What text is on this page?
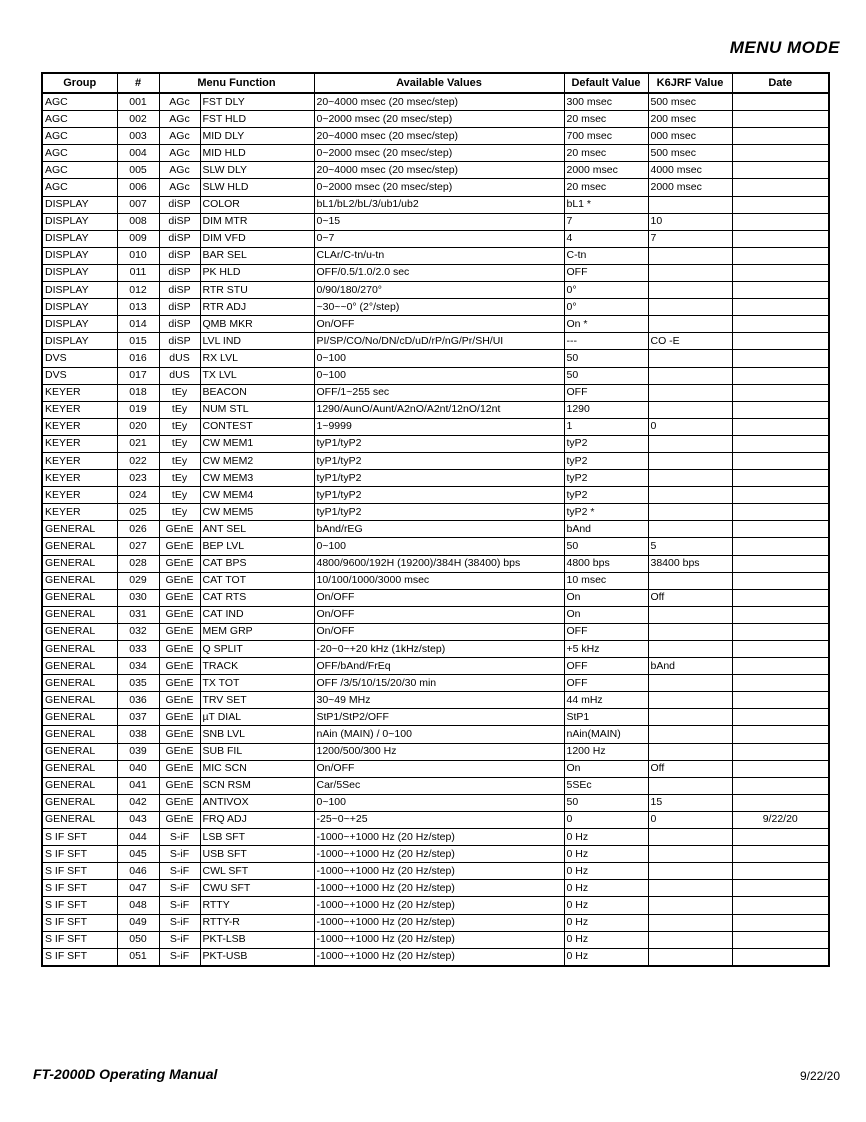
MENU MODE
Group	#	Menu Function		Available Values	Default Value	K6JRF Value	Date
AGC	001	AGc	FST DLY	20~4000 msec (20 msec/step)	300 msec	500 msec	
AGC	002	AGc	FST HLD	0~2000 msec (20 msec/step)	20 msec	200 msec	
AGC	003	AGc	MID DLY	20~4000 msec (20 msec/step)	700 msec	000 msec	
AGC	004	AGc	MID HLD	0~2000 msec (20 msec/step)	20 msec	500 msec	
AGC	005	AGc	SLW DLY	20~4000 msec (20 msec/step)	2000 msec	4000 msec	
AGC	006	AGc	SLW HLD	0~2000 msec (20 msec/step)	20 msec	2000 msec	
DISPLAY	007	diSP	COLOR	bL1/bL2/bL/3/ub1/ub2	bL1 *		
DISPLAY	008	diSP	DIM MTR	0~15	7	10	
DISPLAY	009	diSP	DIM VFD	0~7	4	7	
DISPLAY	010	diSP	BAR SEL	CLAr/C-tn/u-tn	C-tn		
DISPLAY	011	diSP	PK HLD	OFF/0.5/1.0/2.0 sec	OFF		
DISPLAY	012	diSP	RTR STU	0/90/180/270°	0°		
DISPLAY	013	diSP	RTR ADJ	~30~~0° (2°/step)	0°		
DISPLAY	014	diSP	QMB MKR	On/OFF	On *		
DISPLAY	015	diSP	LVL IND	PI/SP/CO/No/DN/cD/uD/rP/nG/Pr/SH/UI	---	CO -E	
DVS	016	dUS	RX LVL	0~100	50		
DVS	017	dUS	TX LVL	0~100	50		
KEYER	018	tEy	BEACON	OFF/1~255 sec	OFF		
KEYER	019	tEy	NUM STL	1290/AunO/Aunt/A2nO/A2nt/12nO/12nt	1290		
KEYER	020	tEy	CONTEST	1~9999	1	0	
KEYER	021	tEy	CW MEM1	tyP1/tyP2	tyP2		
KEYER	022	tEy	CW MEM2	tyP1/tyP2	tyP2		
KEYER	023	tEy	CW MEM3	tyP1/tyP2	tyP2		
KEYER	024	tEy	CW MEM4	tyP1/tyP2	tyP2		
KEYER	025	tEy	CW MEM5	tyP1/tyP2	tyP2 *		
GENERAL	026	GEnE	ANT SEL	bAnd/rEG	bAnd		
GENERAL	027	GEnE	BEP LVL	0~100	50	5	
GENERAL	028	GEnE	CAT BPS	4800/9600/192H (19200)/384H (38400) bps	4800 bps	38400 bps	
GENERAL	029	GEnE	CAT TOT	10/100/1000/3000 msec	10 msec		
GENERAL	030	GEnE	CAT RTS	On/OFF	On	Off	
GENERAL	031	GEnE	CAT IND	On/OFF	On		
GENERAL	032	GEnE	MEM GRP	On/OFF	OFF		
GENERAL	033	GEnE	Q SPLIT	-20~0~+20 kHz (1kHz/step)	+5 kHz		
GENERAL	034	GEnE	TRACK	OFF/bAnd/FrEq	OFF	bAnd	
GENERAL	035	GEnE	TX TOT	OFF /3/5/10/15/20/30 min	OFF		
GENERAL	036	GEnE	TRV SET	30~49 MHz	44 mHz		
GENERAL	037	GEnE	µT DIAL	StP1/StP2/OFF	StP1		
GENERAL	038	GEnE	SNB LVL	nAin (MAIN) / 0~100	nAin(MAIN)		
GENERAL	039	GEnE	SUB FIL	1200/500/300 Hz	1200 Hz		
GENERAL	040	GEnE	MIC SCN	On/OFF	On	Off	
GENERAL	041	GEnE	SCN RSM	Car/5Sec	5SEc		
GENERAL	042	GEnE	ANTIVOX	0~100	50	15	
GENERAL	043	GEnE	FRQ ADJ	-25~0~+25	0	0	9/22/20
S IF SFT	044	S-iF	LSB SFT	-1000~+1000 Hz (20 Hz/step)	0 Hz		
S IF SFT	045	S-iF	USB SFT	-1000~+1000 Hz (20 Hz/step)	0 Hz		
S IF SFT	046	S-iF	CWL SFT	-1000~+1000 Hz (20 Hz/step)	0 Hz		
S IF SFT	047	S-iF	CWU SFT	-1000~+1000 Hz (20 Hz/step)	0 Hz		
S IF SFT	048	S-iF	RTTY	-1000~+1000 Hz (20 Hz/step)	0 Hz		
S IF SFT	049	S-iF	RTTY-R	-1000~+1000 Hz (20 Hz/step)	0 Hz		
S IF SFT	050	S-iF	PKT-LSB	-1000~+1000 Hz (20 Hz/step)	0 Hz		
S IF SFT	051	S-iF	PKT-USB	-1000~+1000 Hz (20 Hz/step)	0 Hz		
FT-2000D Operating Manual	9/22/20
